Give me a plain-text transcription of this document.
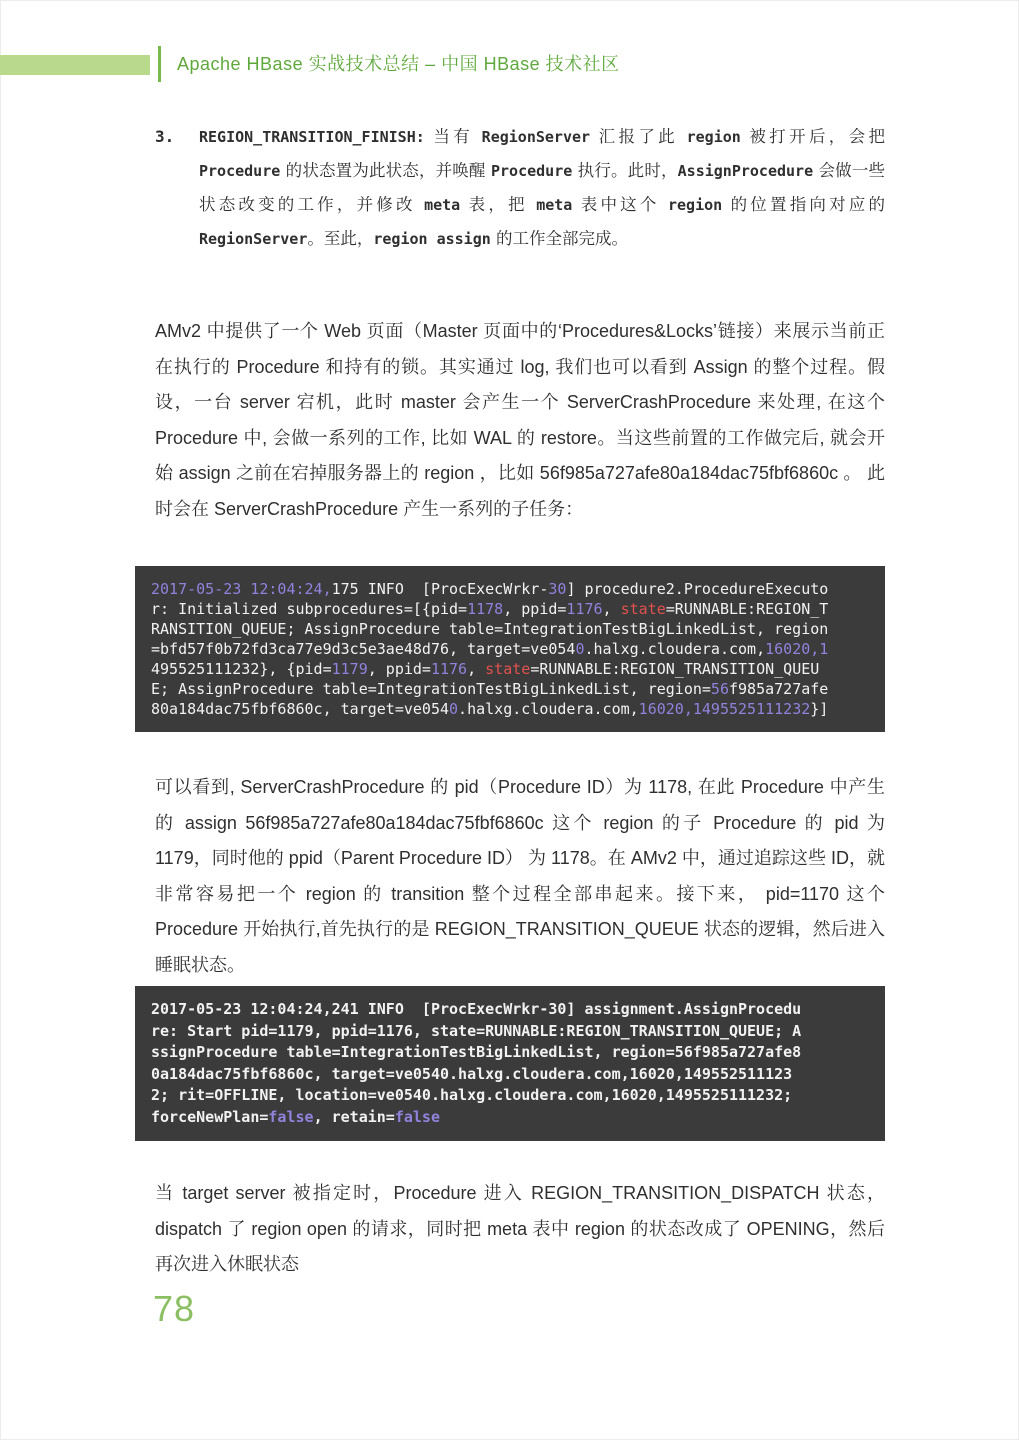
Apache HBase 实战技术总结 – 中国 HBase 技术社区
3.	REGION_TRANSITION_FINISH: 当有 RegionServer 汇报了此 region 被打开后，会把 Procedure 的状态置为此状态，并唤醒 Procedure 执行。此时，AssignProcedure 会做一些状态改变的工作，并修改 meta 表，把 meta 表中这个 region 的位置指向对应的 RegionServer。至此，region assign 的工作全部完成。
AMv2 中提供了一个 Web 页面（Master 页面中的‘Procedures&Locks’链接）来展示当前正在执行的 Procedure 和持有的锁。其实通过 log, 我们也可以看到 Assign 的整个过程。假设，一台 server 宕机，此时 master 会产生一个 ServerCrashProcedure 来处理, 在这个 Procedure 中, 会做一系列的工作, 比如 WAL 的 restore。当这些前置的工作做完后, 就会开始 assign 之前在宕掉服务器上的 region ，比如 56f985a727afe80a184dac75fbf6860c 。 此时会在 ServerCrashProcedure 产生一系列的子任务：
2017-05-23 12:04:24,175 INFO  [ProcExecWrkr-30] procedure2.ProcedureExecuto
r: Initialized subprocedures=[{pid=1178, ppid=1176, state=RUNNABLE:REGION_T
RANSITION_QUEUE; AssignProcedure table=IntegrationTestBigLinkedList, region
=bfd57f0b72fd3ca77e9d3c5e3ae48d76, target=ve0540.halxg.cloudera.com,16020,1
495525111232}, {pid=1179, ppid=1176, state=RUNNABLE:REGION_TRANSITION_QUEU
E; AssignProcedure table=IntegrationTestBigLinkedList, region=56f985a727afe
80a184dac75fbf6860c, target=ve0540.halxg.cloudera.com,16020,1495525111232}]
可以看到, ServerCrashProcedure 的 pid（Procedure ID）为 1178, 在此 Procedure 中产生的 assign 56f985a727afe80a184dac75fbf6860c 这个 region 的子 Procedure 的 pid 为 1179，同时他的 ppid（Parent Procedure ID） 为 1178。在 AMv2 中，通过追踪这些 ID，就非常容易把一个 region 的 transition 整个过程全部串起来。接下来， pid=1170 这个 Procedure 开始执行,首先执行的是 REGION_TRANSITION_QUEUE 状态的逻辑，然后进入睡眠状态。
2017-05-23 12:04:24,241 INFO  [ProcExecWrkr-30] assignment.AssignProcedu
re: Start pid=1179, ppid=1176, state=RUNNABLE:REGION_TRANSITION_QUEUE; A
ssignProcedure table=IntegrationTestBigLinkedList, region=56f985a727afe8
0a184dac75fbf6860c, target=ve0540.halxg.cloudera.com,16020,149552511123
2; rit=OFFLINE, location=ve0540.halxg.cloudera.com,16020,1495525111232;
forceNewPlan=false, retain=false
当 target server 被指定时，Procedure 进入 REGION_TRANSITION_DISPATCH 状态，dispatch 了 region open 的请求，同时把 meta 表中 region 的状态改成了 OPENING，然后再次进入休眠状态
78
